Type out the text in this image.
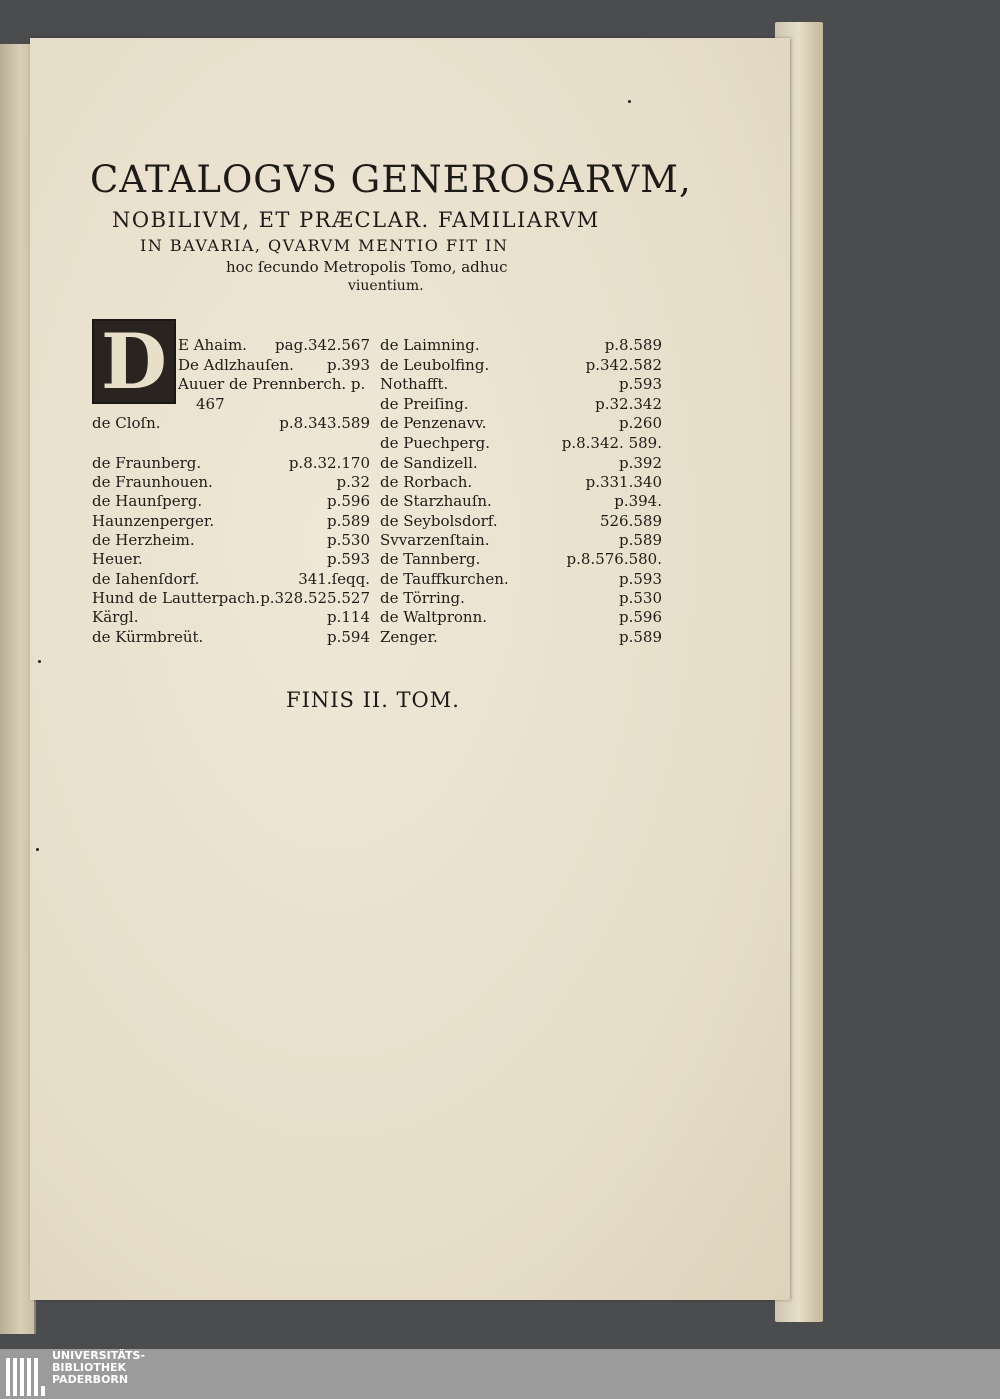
CATALOGVS GENEROSARVM,
NOBILIVM, ET PRÆCLAR. FAMILIARVM
IN BAVARIA, QVARVM MENTIO FIT IN
hoc ſecundo Metropolis Tomo, adhuc
viuentium.
D E Ahaim. pag.342.567
De Adlzhauſen. p.393
Auuer de Prennberch. p.
467
de Cloſn.	p.8.343.589
de Fraunberg.	p.8.32.170
de Fraunhouen.	p.32
de Haunſperg.	p.596
Haunzenperger.	p.589
de Herzheim.	p.530
Heuer.	p.593
de Iahenſdorf.	341.ſeqq.
Hund de Lautterpach. p.328.525.527
Kärgl.	p.114
de Kürmbreüt.	p.594
de Laimning.	p.8.589
de Leubolfing.	p.342.582
Nothafft.	p.593
de Preiſing.	p.32.342
de Penzenavv.	p.260
de Puechperg.	p.8.342. 589.
de Sandizell.	p.392
de Rorbach.	p.331.340
de Starzhauſn.	p.394.
de Seybolsdorf.	526.589
Svvarzenſtain.	p.589
de Tannberg.	p.8.576.580.
de Tauffkurchen.	p.593
de Törring.	p.530
de Waltpronn.	p.596
Zenger.	p.589
FINIS II. TOM.
UNIVERSITÄTS-
BIBLIOTHEK
PADERBORN
